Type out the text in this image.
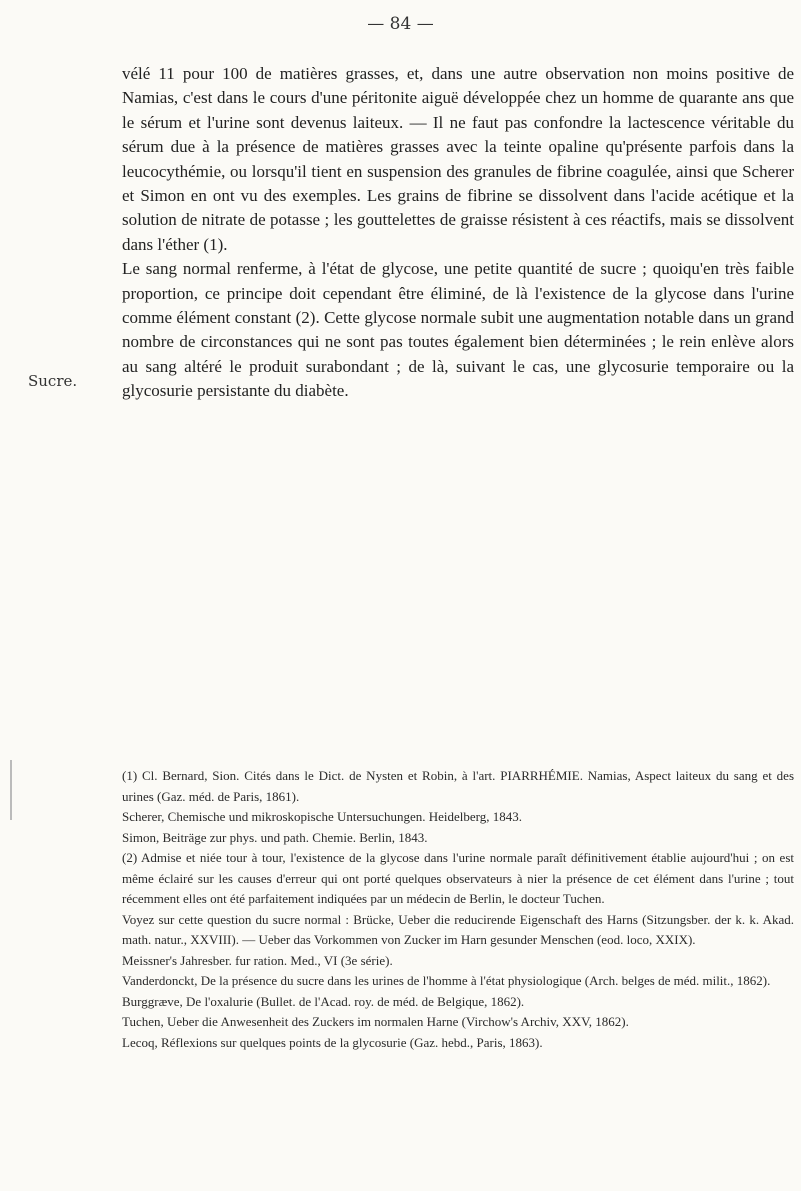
— 84 —
Sucre.
vélé 11 pour 100 de matières grasses, et, dans une autre observation non moins positive de Namias, c'est dans le cours d'une péritonite aiguë développée chez un homme de quarante ans que le sérum et l'urine sont devenus laiteux. — Il ne faut pas confondre la lactescence véritable du sérum due à la présence de matières grasses avec la teinte opaline qu'présente parfois dans la leucocythémie, ou lorsqu'il tient en suspension des granules de fibrine coagulée, ainsi que Scherer et Simon en ont vu des exemples. Les grains de fibrine se dissolvent dans l'acide acétique et la solution de nitrate de potasse ; les gouttelettes de graisse résistent à ces réactifs, mais se dissolvent dans l'éther (1).
Le sang normal renferme, à l'état de glycose, une petite quantité de sucre ; quoiqu'en très faible proportion, ce principe doit cependant être éliminé, de là l'existence de la glycose dans l'urine comme élément constant (2). Cette glycose normale subit une augmentation notable dans un grand nombre de circonstances qui ne sont pas toutes également bien déterminées ; le rein enlève alors au sang altéré le produit surabondant ; de là, suivant le cas, une glycosurie temporaire ou la glycosurie persistante du diabète.
(1) Cl. Bernard, Sion. Cités dans le Dict. de Nysten et Robin, à l'art. PIARRHÉMIE. Namias, Aspect laiteux du sang et des urines (Gaz. méd. de Paris, 1861).
Scherer, Chemische und mikroskopische Untersuchungen. Heidelberg, 1843.
Simon, Beiträge zur phys. und path. Chemie. Berlin, 1843.
(2) Admise et niée tour à tour, l'existence de la glycose dans l'urine normale paraît définitivement établie aujourd'hui ; on est même éclairé sur les causes d'erreur qui ont porté quelques observateurs à nier la présence de cet élément dans l'urine ; tout récemment elles ont été parfaitement indiquées par un médecin de Berlin, le docteur Tuchen.
Voyez sur cette question du sucre normal : Brücke, Ueber die reducirende Eigenschaft des Harns (Sitzungsber. der k. k. Akad. math. natur., XXVIII). — Ueber das Vorkommen von Zucker im Harn gesunder Menschen (eod. loco, XXIX).
Meissner's Jahresber. fur ration. Med., VI (3e série).
Vanderdonckt, De la présence du sucre dans les urines de l'homme à l'état physiologique (Arch. belges de méd. milit., 1862).
Burggræve, De l'oxalurie (Bullet. de l'Acad. roy. de méd. de Belgique, 1862).
Tuchen, Ueber die Anwesenheit des Zuckers im normalen Harne (Virchow's Archiv, XXV, 1862).
Lecoq, Réflexions sur quelques points de la glycosurie (Gaz. hebd., Paris, 1863).
